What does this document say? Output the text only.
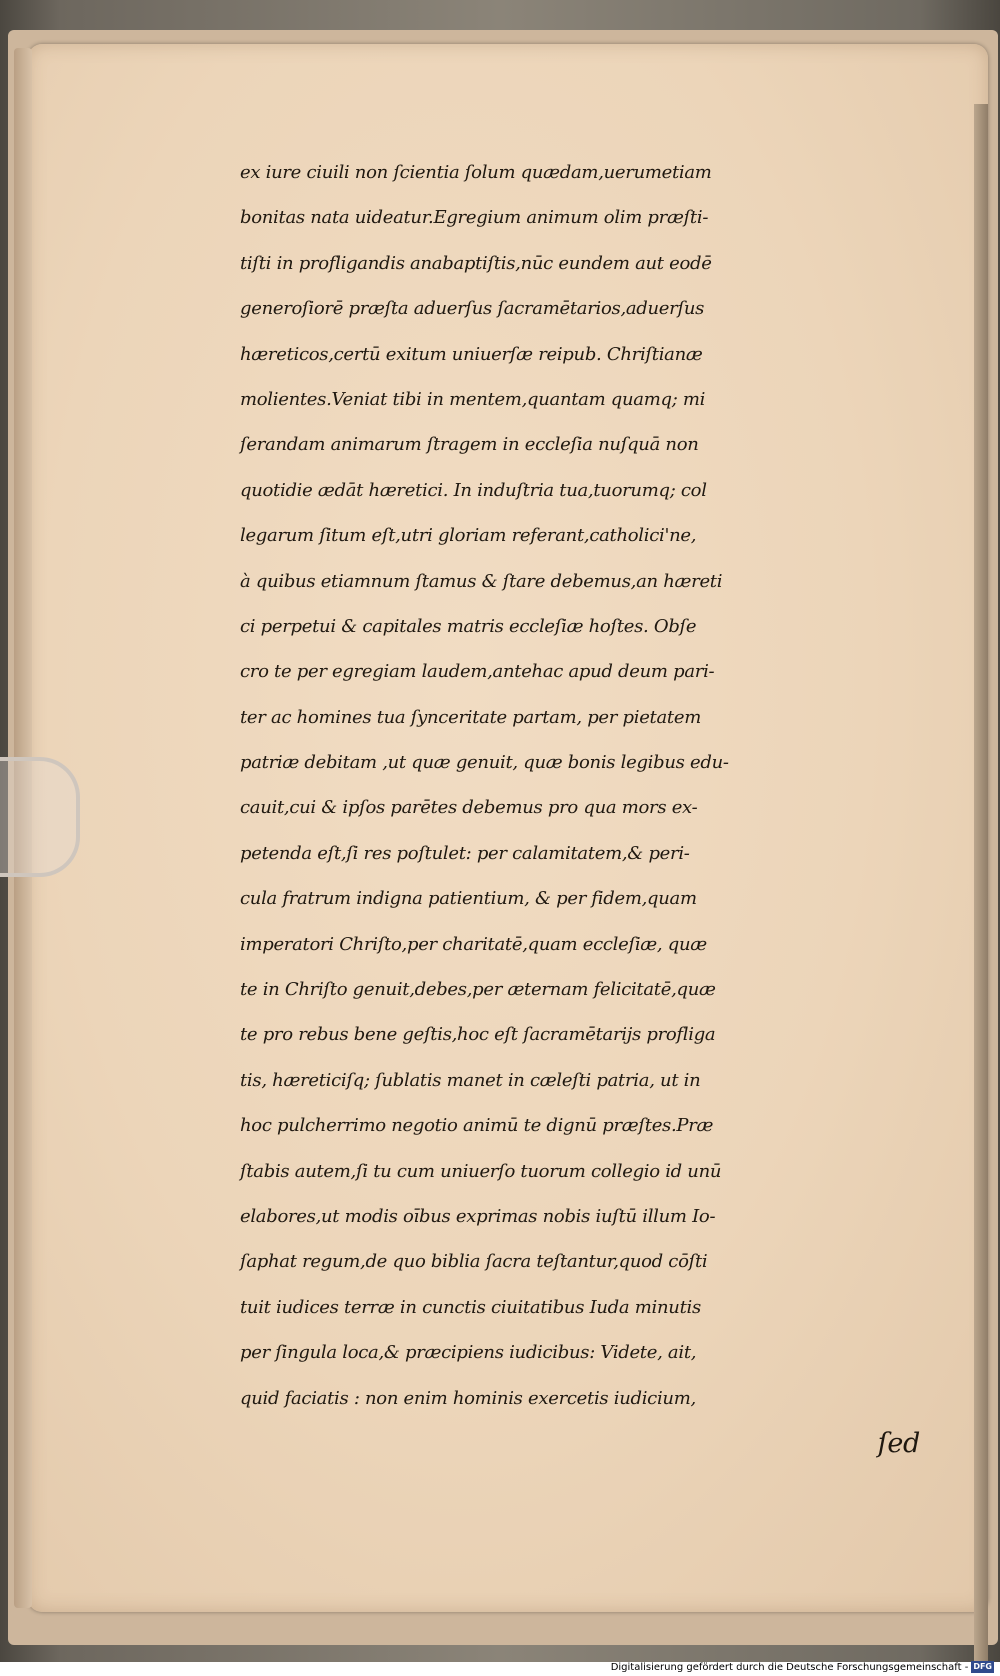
ex iure ciuili non ſcientia ſolum quædam,uerumetiam
bonitas nata uideatur.Egregium animum olim præſti-
tiſti in profligandis anabaptiſtis,nūc eundem aut eodē
generoſiorē præſta aduerſus ſacramētarios,aduerſus
hæreticos,certū exitum uniuerſæ reipub. Chriſtianæ
molientes.Veniat tibi in mentem,quantam quamq; mi
ſerandam animarum ſtragem in eccleſia nuſquā non
quotidie ædāt hæretici. In induſtria tua,tuorumq; col
legarum ſitum eſt,utri gloriam referant,catholici'ne,
à quibus etiamnum ſtamus & ſtare debemus,an hæreti
ci perpetui & capitales matris eccleſiæ hoſtes. Obſe
cro te per egregiam laudem,antehac apud deum pari-
ter ac homines tua ſynceritate partam, per pietatem
patriæ debitam ,ut quæ genuit, quæ bonis legibus edu-
cauit,cui & ipſos parētes debemus pro qua mors ex-
petenda eſt,ſi res poſtulet: per calamitatem,& peri-
cula fratrum indigna patientium, & per fidem,quam
imperatori Chriſto,per charitatē,quam eccleſiæ, quæ
te in Chriſto genuit,debes,per æternam felicitatē,quæ
te pro rebus bene geſtis,hoc eſt ſacramētarijs profliga
tis, hæreticiſq; ſublatis manet in cæleſti patria, ut in
hoc pulcherrimo negotio animū te dignū præſtes.Præ
ſtabis autem,ſi tu cum uniuerſo tuorum collegio id unū
elabores,ut modis oībus exprimas nobis iuſtū illum Io-
ſaphat regum,de quo biblia ſacra teſtantur,quod cōſti
tuit iudices terræ in cunctis ciuitatibus Iuda minutis
per ſingula loca,& præcipiens iudicibus: Videte, ait,
quid faciatis : non enim hominis exercetis iudicium,
ſed
Digitalisierung gefördert durch die Deutsche Forschungsgemeinschaft - DFG
